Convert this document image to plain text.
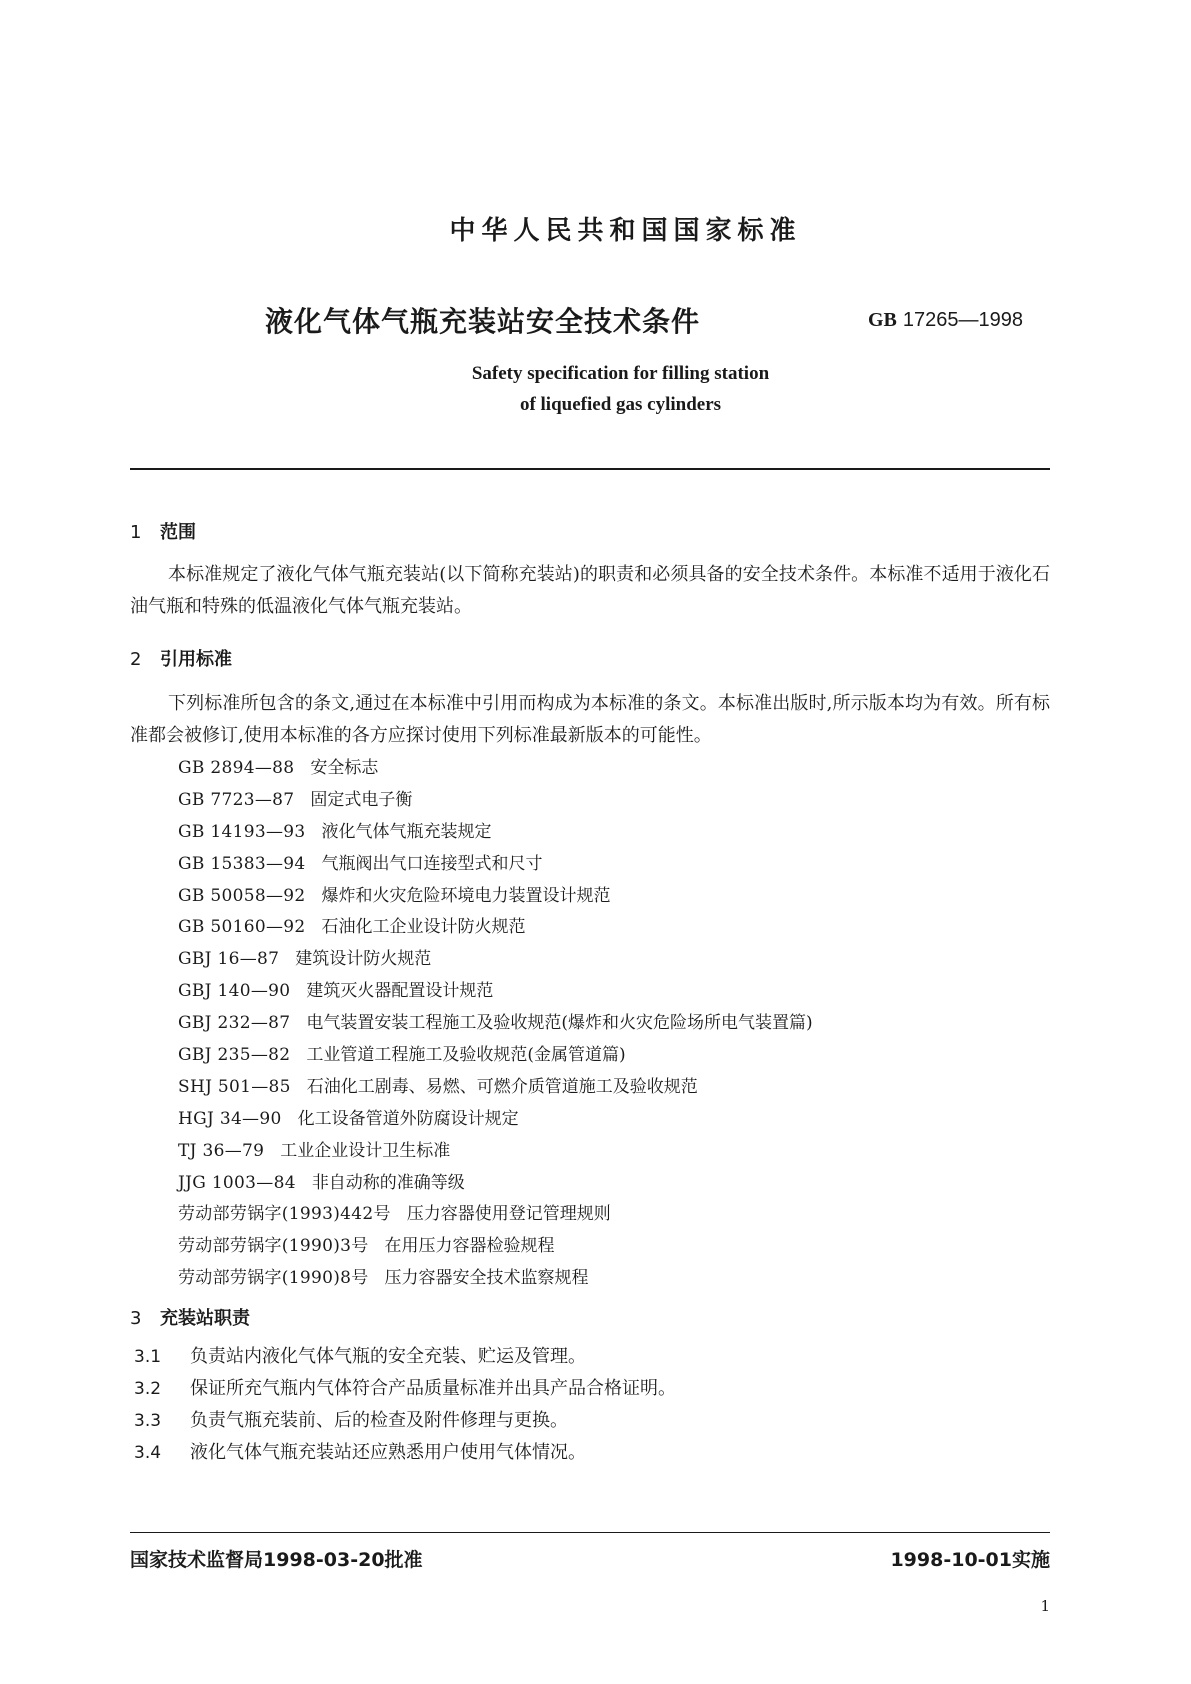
中华人民共和国国家标准
液化气体气瓶充装站安全技术条件	GB 17265—1998
Safety specification for filling station
of liquefied gas cylinders
1 范围
本标准规定了液化气体气瓶充装站(以下简称充装站)的职责和必须具备的安全技术条件。本标准不适用于液化石油气瓶和特殊的低温液化气体气瓶充装站。
2 引用标准
下列标准所包含的条文,通过在本标准中引用而构成为本标准的条文。本标准出版时,所示版本均为有效。所有标准都会被修订,使用本标准的各方应探讨使用下列标准最新版本的可能性。
GB 2894—88 安全标志
GB 7723—87 固定式电子衡
GB 14193—93 液化气体气瓶充装规定
GB 15383—94 气瓶阀出气口连接型式和尺寸
GB 50058—92 爆炸和火灾危险环境电力装置设计规范
GB 50160—92 石油化工企业设计防火规范
GBJ 16—87 建筑设计防火规范
GBJ 140—90 建筑灭火器配置设计规范
GBJ 232—87 电气装置安装工程施工及验收规范(爆炸和火灾危险场所电气装置篇)
GBJ 235—82 工业管道工程施工及验收规范(金属管道篇)
SHJ 501—85 石油化工剧毒、易燃、可燃介质管道施工及验收规范
HGJ 34—90 化工设备管道外防腐设计规定
TJ 36—79 工业企业设计卫生标准
JJG 1003—84 非自动称的准确等级
劳动部劳锅字(1993)442号 压力容器使用登记管理规则
劳动部劳锅字(1990)3号 在用压力容器检验规程
劳动部劳锅字(1990)8号 压力容器安全技术监察规程
3 充装站职责
3.1 负责站内液化气体气瓶的安全充装、贮运及管理。
3.2 保证所充气瓶内气体符合产品质量标准并出具产品合格证明。
3.3 负责气瓶充装前、后的检查及附件修理与更换。
3.4 液化气体气瓶充装站还应熟悉用户使用气体情况。
国家技术监督局1998-03-20批准	1998-10-01实施
1
